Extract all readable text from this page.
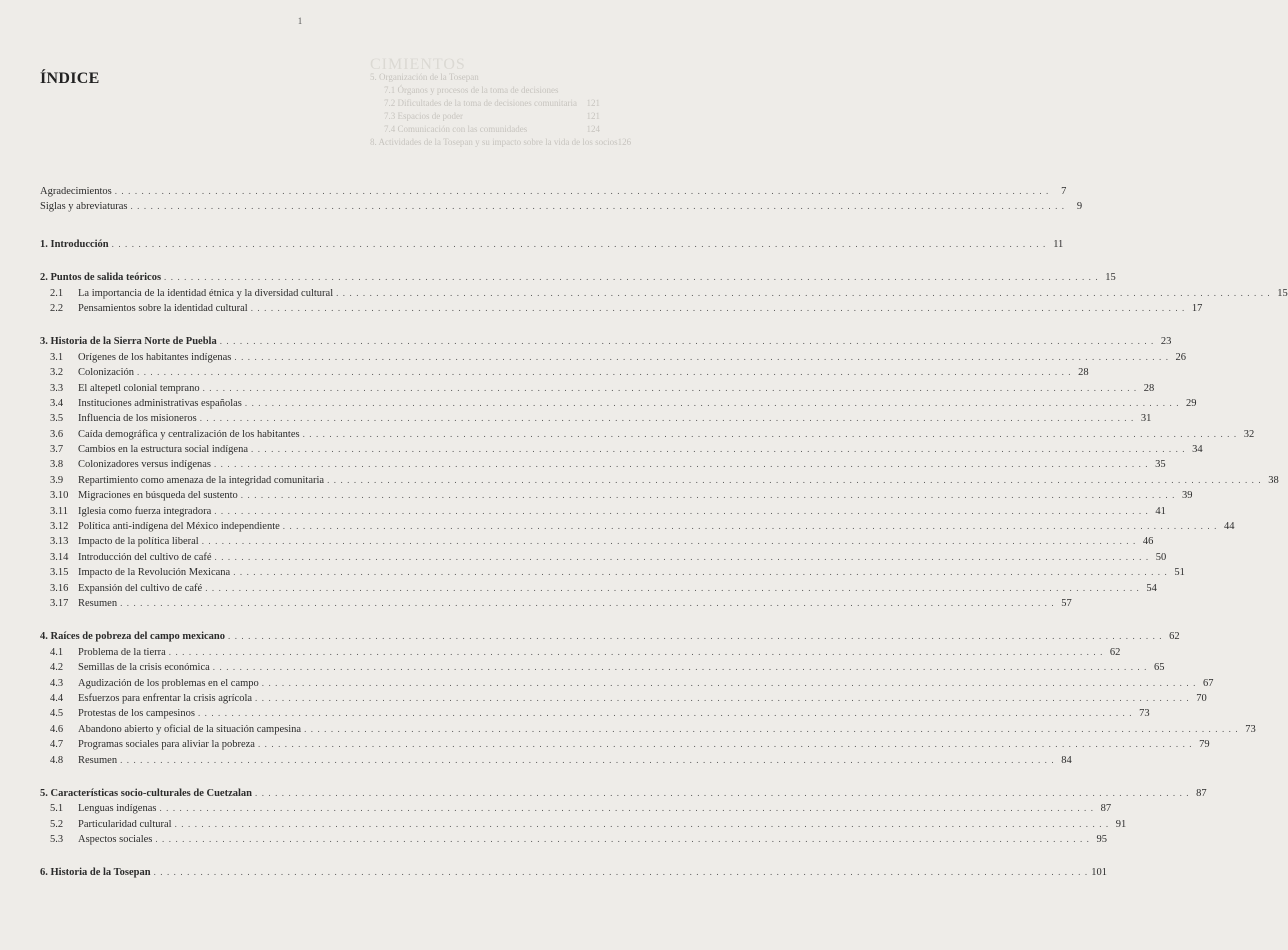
1
CIMIENTOS
5. Organización de la Tosepan
7.1 Órganos y procesos de la toma de decisiones
7.2 Dificultades de la toma de decisiones comunitaria 121
7.3 Espacios de poder	121
7.4 Comunicación con las comunidades	124
8. Actividades de la Tosepan y su impacto sobre la vida de los socios 126
ÍNDICE
Agradecimientos . . . . . . . . . . . . . . . . . . . . . . . . . . . . . . . . . . . . . . . . . . . . . . . . . . . . . . . . . . . . . . . . . . . . . . . . . . . . . . . . . . . . . . . . . . . . . . . . . . . . . . . . . . . . . . . . . . . . . . . . . . . . . . . . . . . . . . . . . . . .	7
Siglas y abreviaturas . . . . . . . . . . . . . . . . . . . . . . . . . . . . . . . . . . . . . . . . . . . . . . . . . . . . . . . . . . . . . . . . . . . . . . . . . . . . . . . . . . . . . . . . . . . . . . . . . . . . . . . . . . . . . . . . . . . . . . . . . . . . . . . . . . . . . . . . . . . .	9
1. Introducción . . . . . . . . . . . . . . . . . . . . . . . . . . . . . . . . . . . . . . . . . . . . . . . . . . . . . . . . . . . . . . . . . . . . . . . . . . . . . . . . . . . . . . . . . . . . . . . . . . . . . . . . . . . . . . . . . . . . . . . . . . . . . . . . . . . . . . . . . . . . 11
2. Puntos de salida teóricos . . . . . . . . . . . . . . . . . . . . . . . . . . . . . . . . . . . . . . . . . . . . . . . . . . . . . . . . . . . . . . . . . . . . . . . . . . . . . . . . . . . . . . . . . . . . . . . . . . . . . . . . . . . . . . . . . . . . . . . . . . . . . . . . . . . . . . . . . . . . 15
2.1	La importancia de la identidad étnica y la diversidad cultural . . . . . . . . . . . . . . . . . . . . . . . . . . . . . . . . . . . . . . . . . . . . . . . . . . . . . . . . . . . . . . . . . . . . . . . . . . . . . . . . . . . . . . . . . . . . . . . . . . . . . . . . . . . . . . . . . . . . . . . . . . . . . . . . . . . . . . . . . . . . 15
2.2	Pensamientos sobre la identidad cultural . . . . . . . . . . . . . . . . . . . . . . . . . . . . . . . . . . . . . . . . . . . . . . . . . . . . . . . . . . . . . . . . . . . . . . . . . . . . . . . . . . . . . . . . . . . . . . . . . . . . . . . . . . . . . . . . . . . . . . . . . . . . . . . . . . . . . . . . . . . . 17
3. Historia de la Sierra Norte de Puebla . . . . . . . . . . . . . . . . . . . . . . . . . . . . . . . . . . . . . . . . . . . . . . . . . . . . . . . . . . . . . . . . . . . . . . . . . . . . . . . . . . . . . . . . . . . . . . . . . . . . . . . . . . . . . . . . . . . . . . . . . . . . . . . . . . . . . . . . . . . . 23
3.1	Orígenes de los habitantes indígenas . . . . . . . . . . . . . . . . . . . . . . . . . . . . . . . . . . . . . . . . . . . . . . . . . . . . . . . . . . . . . . . . . . . . . . . . . . . . . . . . . . . . . . . . . . . . . . . . . . . . . . . . . . . . . . . . . . . . . . . . . . . . . . . . . . . . . . . . . . . . 26
3.2	Colonización . . . . . . . . . . . . . . . . . . . . . . . . . . . . . . . . . . . . . . . . . . . . . . . . . . . . . . . . . . . . . . . . . . . . . . . . . . . . . . . . . . . . . . . . . . . . . . . . . . . . . . . . . . . . . . . . . . . . . . . . . . . . . . . . . . . . . . . . . . . . 28
3.3	El altepetl colonial temprano . . . . . . . . . . . . . . . . . . . . . . . . . . . . . . . . . . . . . . . . . . . . . . . . . . . . . . . . . . . . . . . . . . . . . . . . . . . . . . . . . . . . . . . . . . . . . . . . . . . . . . . . . . . . . . . . . . . . . . . . . . . . . . . . . . . . . . . . . . . . 28
3.4	Instituciones administrativas españolas . . . . . . . . . . . . . . . . . . . . . . . . . . . . . . . . . . . . . . . . . . . . . . . . . . . . . . . . . . . . . . . . . . . . . . . . . . . . . . . . . . . . . . . . . . . . . . . . . . . . . . . . . . . . . . . . . . . . . . . . . . . . . . . . . . . . . . . . . . . . 29
3.5	Influencia de los misioneros . . . . . . . . . . . . . . . . . . . . . . . . . . . . . . . . . . . . . . . . . . . . . . . . . . . . . . . . . . . . . . . . . . . . . . . . . . . . . . . . . . . . . . . . . . . . . . . . . . . . . . . . . . . . . . . . . . . . . . . . . . . . . . . . . . . . . . . . . . . . 31
3.6	Caída demográfica y centralización de los habitantes . . . . . . . . . . . . . . . . . . . . . . . . . . . . . . . . . . . . . . . . . . . . . . . . . . . . . . . . . . . . . . . . . . . . . . . . . . . . . . . . . . . . . . . . . . . . . . . . . . . . . . . . . . . . . . . . . . . . . . . . . . . . . . . . . . . . . . . . . . . . 32
3.7	Cambios en la estructura social indígena . . . . . . . . . . . . . . . . . . . . . . . . . . . . . . . . . . . . . . . . . . . . . . . . . . . . . . . . . . . . . . . . . . . . . . . . . . . . . . . . . . . . . . . . . . . . . . . . . . . . . . . . . . . . . . . . . . . . . . . . . . . . . . . . . . . . . . . . . . . . 34
3.8	Colonizadores versus indígenas . . . . . . . . . . . . . . . . . . . . . . . . . . . . . . . . . . . . . . . . . . . . . . . . . . . . . . . . . . . . . . . . . . . . . . . . . . . . . . . . . . . . . . . . . . . . . . . . . . . . . . . . . . . . . . . . . . . . . . . . . . . . . . . . . . . . . . . . . . . . 35
3.9	Repartimiento como amenaza de la integridad comunitaria . . . . . . . . . . . . . . . . . . . . . . . . . . . . . . . . . . . . . . . . . . . . . . . . . . . . . . . . . . . . . . . . . . . . . . . . . . . . . . . . . . . . . . . . . . . . . . . . . . . . . . . . . . . . . . . . . . . . . . . . . . . . . . . . . . . . . . . . . . . . 38
3.10 Migraciones en búsqueda del sustento . . . . . . . . . . . . . . . . . . . . . . . . . . . . . . . . . . . . . . . . . . . . . . . . . . . . . . . . . . . . . . . . . . . . . . . . . . . . . . . . . . . . . . . . . . . . . . . . . . . . . . . . . . . . . . . . . . . . . . . . . . . . . . . . . . . . . . . . . . . . 39
3.11 Iglesia como fuerza integradora . . . . . . . . . . . . . . . . . . . . . . . . . . . . . . . . . . . . . . . . . . . . . . . . . . . . . . . . . . . . . . . . . . . . . . . . . . . . . . . . . . . . . . . . . . . . . . . . . . . . . . . . . . . . . . . . . . . . . . . . . . . . . . . . . . . . . . . . . . . . 41
3.12 Política anti-indígena del México independiente . . . . . . . . . . . . . . . . . . . . . . . . . . . . . . . . . . . . . . . . . . . . . . . . . . . . . . . . . . . . . . . . . . . . . . . . . . . . . . . . . . . . . . . . . . . . . . . . . . . . . . . . . . . . . . . . . . . . . . . . . . . . . . . . . . . . . . . . . . . . 44
3.13 Impacto de la política liberal . . . . . . . . . . . . . . . . . . . . . . . . . . . . . . . . . . . . . . . . . . . . . . . . . . . . . . . . . . . . . . . . . . . . . . . . . . . . . . . . . . . . . . . . . . . . . . . . . . . . . . . . . . . . . . . . . . . . . . . . . . . . . . . . . . . . . . . . . . . . 46
3.14 Introducción del cultivo de café . . . . . . . . . . . . . . . . . . . . . . . . . . . . . . . . . . . . . . . . . . . . . . . . . . . . . . . . . . . . . . . . . . . . . . . . . . . . . . . . . . . . . . . . . . . . . . . . . . . . . . . . . . . . . . . . . . . . . . . . . . . . . . . . . . . . . . . . . . . . 50
3.15 Impacto de la Revolución Mexicana . . . . . . . . . . . . . . . . . . . . . . . . . . . . . . . . . . . . . . . . . . . . . . . . . . . . . . . . . . . . . . . . . . . . . . . . . . . . . . . . . . . . . . . . . . . . . . . . . . . . . . . . . . . . . . . . . . . . . . . . . . . . . . . . . . . . . . . . . . . . 51
3.16 Expansión del cultivo de café . . . . . . . . . . . . . . . . . . . . . . . . . . . . . . . . . . . . . . . . . . . . . . . . . . . . . . . . . . . . . . . . . . . . . . . . . . . . . . . . . . . . . . . . . . . . . . . . . . . . . . . . . . . . . . . . . . . . . . . . . . . . . . . . . . . . . . . . . . . . 54
3.17 Resumen . . . . . . . . . . . . . . . . . . . . . . . . . . . . . . . . . . . . . . . . . . . . . . . . . . . . . . . . . . . . . . . . . . . . . . . . . . . . . . . . . . . . . . . . . . . . . . . . . . . . . . . . . . . . . . . . . . . . . . . . . . . . . . . . . . . . . . . . . . . . 57
4. Raíces de pobreza del campo mexicano . . . . . . . . . . . . . . . . . . . . . . . . . . . . . . . . . . . . . . . . . . . . . . . . . . . . . . . . . . . . . . . . . . . . . . . . . . . . . . . . . . . . . . . . . . . . . . . . . . . . . . . . . . . . . . . . . . . . . . . . . . . . . . . . . . . . . . . . . . . . 62
4.1	Problema de la tierra . . . . . . . . . . . . . . . . . . . . . . . . . . . . . . . . . . . . . . . . . . . . . . . . . . . . . . . . . . . . . . . . . . . . . . . . . . . . . . . . . . . . . . . . . . . . . . . . . . . . . . . . . . . . . . . . . . . . . . . . . . . . . . . . . . . . . . . . . . . . 62
4.2	Semillas de la crisis económica . . . . . . . . . . . . . . . . . . . . . . . . . . . . . . . . . . . . . . . . . . . . . . . . . . . . . . . . . . . . . . . . . . . . . . . . . . . . . . . . . . . . . . . . . . . . . . . . . . . . . . . . . . . . . . . . . . . . . . . . . . . . . . . . . . . . . . . . . . . . 65
4.3	Agudización de los problemas en el campo . . . . . . . . . . . . . . . . . . . . . . . . . . . . . . . . . . . . . . . . . . . . . . . . . . . . . . . . . . . . . . . . . . . . . . . . . . . . . . . . . . . . . . . . . . . . . . . . . . . . . . . . . . . . . . . . . . . . . . . . . . . . . . . . . . . . . . . . . . . . 67
4.4	Esfuerzos para enfrentar la crisis agrícola . . . . . . . . . . . . . . . . . . . . . . . . . . . . . . . . . . . . . . . . . . . . . . . . . . . . . . . . . . . . . . . . . . . . . . . . . . . . . . . . . . . . . . . . . . . . . . . . . . . . . . . . . . . . . . . . . . . . . . . . . . . . . . . . . . . . . . . . . . . . 70
4.5	Protestas de los campesinos . . . . . . . . . . . . . . . . . . . . . . . . . . . . . . . . . . . . . . . . . . . . . . . . . . . . . . . . . . . . . . . . . . . . . . . . . . . . . . . . . . . . . . . . . . . . . . . . . . . . . . . . . . . . . . . . . . . . . . . . . . . . . . . . . . . . . . . . . . . . 73
4.6	Abandono abierto y oficial de la situación campesina . . . . . . . . . . . . . . . . . . . . . . . . . . . . . . . . . . . . . . . . . . . . . . . . . . . . . . . . . . . . . . . . . . . . . . . . . . . . . . . . . . . . . . . . . . . . . . . . . . . . . . . . . . . . . . . . . . . . . . . . . . . . . . . . . . . . . . . . . . . . 73
4.7	Programas sociales para aliviar la pobreza . . . . . . . . . . . . . . . . . . . . . . . . . . . . . . . . . . . . . . . . . . . . . . . . . . . . . . . . . . . . . . . . . . . . . . . . . . . . . . . . . . . . . . . . . . . . . . . . . . . . . . . . . . . . . . . . . . . . . . . . . . . . . . . . . . . . . . . . . . . . 79
4.8	Resumen . . . . . . . . . . . . . . . . . . . . . . . . . . . . . . . . . . . . . . . . . . . . . . . . . . . . . . . . . . . . . . . . . . . . . . . . . . . . . . . . . . . . . . . . . . . . . . . . . . . . . . . . . . . . . . . . . . . . . . . . . . . . . . . . . . . . . . . . . . . . 84
5. Características socio-culturales de Cuetzalan . . . . . . . . . . . . . . . . . . . . . . . . . . . . . . . . . . . . . . . . . . . . . . . . . . . . . . . . . . . . . . . . . . . . . . . . . . . . . . . . . . . . . . . . . . . . . . . . . . . . . . . . . . . . . . . . . . . . . . . . . . . . . . . . . . . . . . . . . . . . 87
5.1	Lenguas indígenas . . . . . . . . . . . . . . . . . . . . . . . . . . . . . . . . . . . . . . . . . . . . . . . . . . . . . . . . . . . . . . . . . . . . . . . . . . . . . . . . . . . . . . . . . . . . . . . . . . . . . . . . . . . . . . . . . . . . . . . . . . . . . . . . . . . . . . . . . . . . 87
5.2	Particularidad cultural . . . . . . . . . . . . . . . . . . . . . . . . . . . . . . . . . . . . . . . . . . . . . . . . . . . . . . . . . . . . . . . . . . . . . . . . . . . . . . . . . . . . . . . . . . . . . . . . . . . . . . . . . . . . . . . . . . . . . . . . . . . . . . . . . . . . . . . . . . . . 91
5.3	Aspectos sociales . . . . . . . . . . . . . . . . . . . . . . . . . . . . . . . . . . . . . . . . . . . . . . . . . . . . . . . . . . . . . . . . . . . . . . . . . . . . . . . . . . . . . . . . . . . . . . . . . . . . . . . . . . . . . . . . . . . . . . . . . . . . . . . . . . . . . . . . . . . . 95
6. Historia de la Tosepan . . . . . . . . . . . . . . . . . . . . . . . . . . . . . . . . . . . . . . . . . . . . . . . . . . . . . . . . . . . . . . . . . . . . . . . . . . . . . . . . . . . . . . . . . . . . . . . . . . . . . . . . . . . . . . . . . . . . . . . . . . . . . . . . . . . . . . . . . . . . 101
